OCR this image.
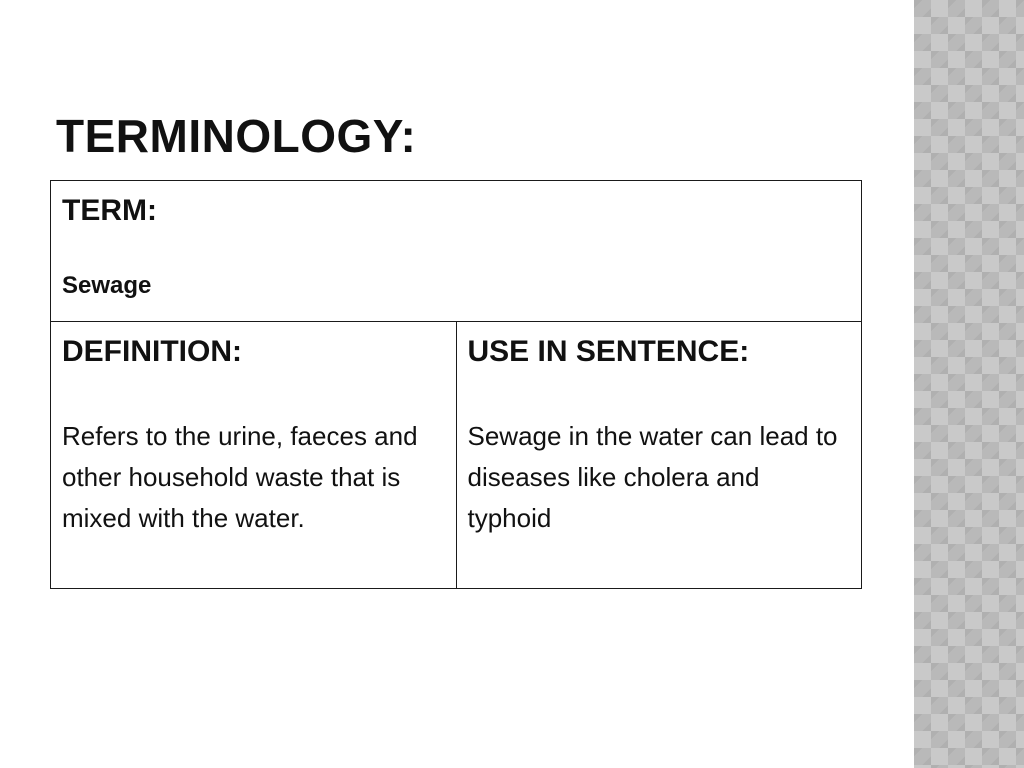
TERMINOLOGY:
TERM:
Sewage

DEFINITION:
Refers to the urine, faeces and other household waste that is mixed with the water.

USE IN SENTENCE:
Sewage in the water can lead to diseases like cholera and typhoid
